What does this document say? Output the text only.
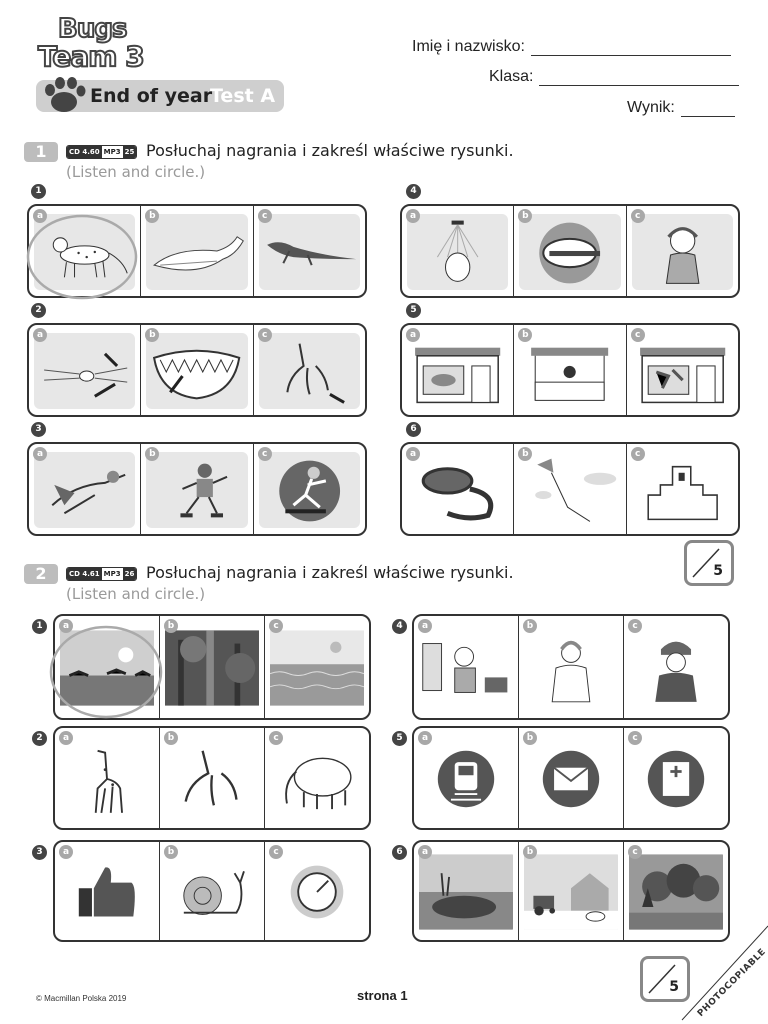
Bugs
Team 3
End of year
Test A
Imię i nazwisko:
Klasa:
Wynik:
1	CD 4.60 MP3 25 Posłuchaj nagrania i zakreśl właściwe rysunki.
(Listen and circle.)
1
2
3
4
5
6
a	b	c
a	b	c
a	b	c
a	b	c
a	b	c
a	b	c
5
2	CD 4.61 MP3 26 Posłuchaj nagrania i zakreśl właściwe rysunki.
(Listen and circle.)
1
2
3
4
5
6
a	b	c
a	b	c
a	b	c
a	b	c
a	b	c
a	b	c
5
© Macmillan Polska 2019	strona 1	PHOTOCOPIABLE
